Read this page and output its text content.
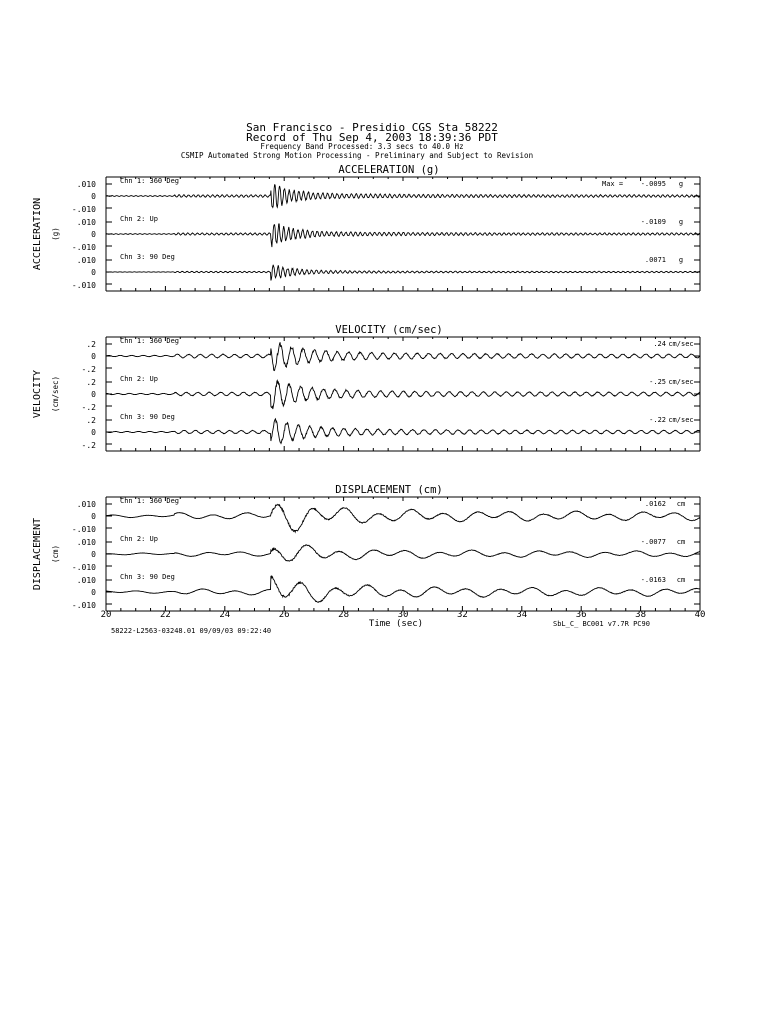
San Francisco - Presidio CGS Sta 58222
Record of Thu Sep 4, 2003 18:39:36 PDT
Frequency Band Processed: 3.3 secs to 40.0 Hz
CSMIP Automated Strong Motion Processing - Preliminary and Subject to Revision
ACCELERATION (g)
ACCELERATION (g)
.010
0
-.010
Chn 1: 360 Deg	Max =	-.0095 g
.010
0
-.010
Chn 2: Up	-.0109 g
.010
0
-.010
Chn 3: 90 Deg	.0071 g
VELOCITY (cm/sec)
VELOCITY (cm/sec)
.2
0
-.2
Chn 1: 360 Deg	.24 cm/sec
.2
0
-.2
Chn 2: Up	-.25 cm/sec
.2
0
-.2
Chn 3: 90 Deg	-.22 cm/sec
DISPLACEMENT (cm)
DISPLACEMENT (cm)
.010
0
-.010
Chn 1: 360 Deg	.0162 cm
.010
0
-.010
Chn 2: Up	-.0077 cm
.010
0
-.010
Chn 3: 90 Deg	-.0163 cm
20	22	24	26	28	30	32	34	36	38	40
Time (sec)
58222-L2563-03248.01 09/09/03 09:22:40
SbL_C_ BC001 v7.7R PC90
